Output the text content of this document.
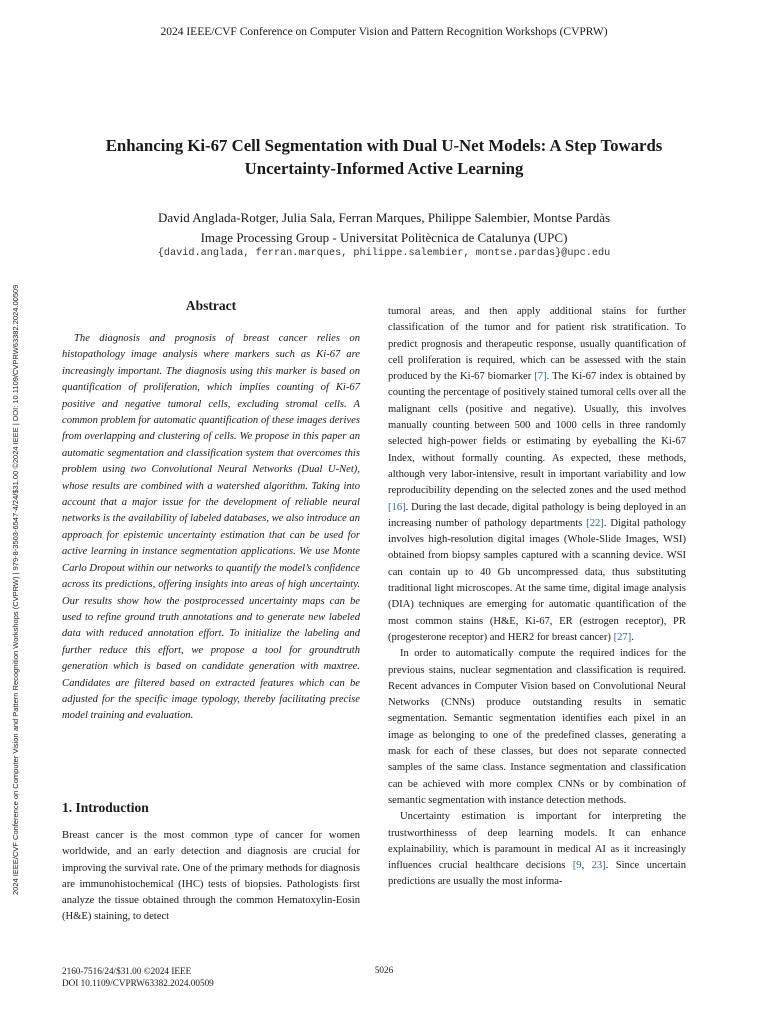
2024 IEEE/CVF Conference on Computer Vision and Pattern Recognition Workshops (CVPRW)
2024 IEEE/CVF Conference on Computer Vision and Pattern Recognition Workshops (CVPRW) | 979-8-3503-6547-4/24/$31.00 ©2024 IEEE | DOI: 10.1109/CVPRW63382.2024.00509
Enhancing Ki-67 Cell Segmentation with Dual U-Net Models: A Step Towards
Uncertainty-Informed Active Learning
David Anglada-Rotger, Julia Sala, Ferran Marques, Philippe Salembier, Montse Pardàs
Image Processing Group - Universitat Politècnica de Catalunya (UPC)
{david.anglada, ferran.marques, philippe.salembier, montse.pardas}@upc.edu
Abstract

The diagnosis and prognosis of breast cancer relies on histopathology image analysis where markers such as Ki-67 are increasingly important. The diagnosis using this marker is based on quantification of proliferation, which implies counting of Ki-67 positive and negative tumoral cells, excluding stromal cells. A common problem for automatic quantification of these images derives from overlapping and clustering of cells. We propose in this paper an automatic segmentation and classification system that overcomes this problem using two Convolutional Neural Networks (Dual U-Net), whose results are combined with a watershed algorithm. Taking into account that a major issue for the development of reliable neural networks is the availability of labeled databases, we also introduce an approach for epistemic uncertainty estimation that can be used for active learning in instance segmentation applications. We use Monte Carlo Dropout within our networks to quantify the model’s confidence across its predictions, offering insights into areas of high uncertainty. Our results show how the postprocessed uncertainty maps can be used to refine ground truth annotations and to generate new labeled data with reduced annotation effort. To initialize the labeling and further reduce this effort, we propose a tool for groundtruth generation which is based on candidate generation with maxtree. Candidates are filtered based on extracted features which can be adjusted for the specific image typology, thereby facilitating precise model training and evaluation.

1. Introduction

Breast cancer is the most common type of cancer for women worldwide, and an early detection and diagnosis are crucial for improving the survival rate. One of the primary methods for diagnosis are immunohistochemical (IHC) tests of biopsies. Pathologists first analyze the tissue obtained through the common Hematoxylin-Eosin (H&E) staining, to detect

tumoral areas, and then apply additional stains for further classification of the tumor and for patient risk stratification. To predict prognosis and therapeutic response, usually quantification of cell proliferation is required, which can be assessed with the stain produced by the Ki-67 biomarker [7]. The Ki-67 index is obtained by counting the percentage of positively stained tumoral cells over all the malignant cells (positive and negative). Usually, this involves manually counting between 500 and 1000 cells in three randomly selected high-power fields or estimating by eyeballing the Ki-67 Index, without formally counting. As expected, these methods, although very labor-intensive, result in important variability and low reproducibility depending on the selected zones and the used method [16]. During the last decade, digital pathology is being deployed in an increasing number of pathology departments [22]. Digital pathology involves high-resolution digital images (Whole-Slide Images, WSI) obtained from biopsy samples captured with a scanning device. WSI can contain up to 40 Gb uncompressed data, thus substituting traditional light microscopes. At the same time, digital image analysis (DIA) techniques are emerging for automatic quantification of the most common stains (H&E, Ki-67, ER (estrogen receptor), PR (progesterone receptor) and HER2 for breast cancer) [27].

In order to automatically compute the required indices for the previous stains, nuclear segmentation and classification is required. Recent advances in Computer Vision based on Convolutional Neural Networks (CNNs) produce outstanding results in sematic segmentation. Semantic segmentation identifies each pixel in an image as belonging to one of the predefined classes, generating a mask for each of these classes, but does not separate connected samples of the same class. Instance segmentation and classification can be achieved with more complex CNNs or by combination of semantic segmentation with instance detection methods.

Uncertainty estimation is important for interpreting the trustworthinesss of deep learning models. It can enhance explainability, which is paramount in medical AI as it increasingly influences crucial healthcare decisions [9, 23]. Since uncertain predictions are usually the most informa-

2160-7516/24/$31.00 ©2024 IEEE
DOI 10.1109/CVPRW63382.2024.00509
5026
